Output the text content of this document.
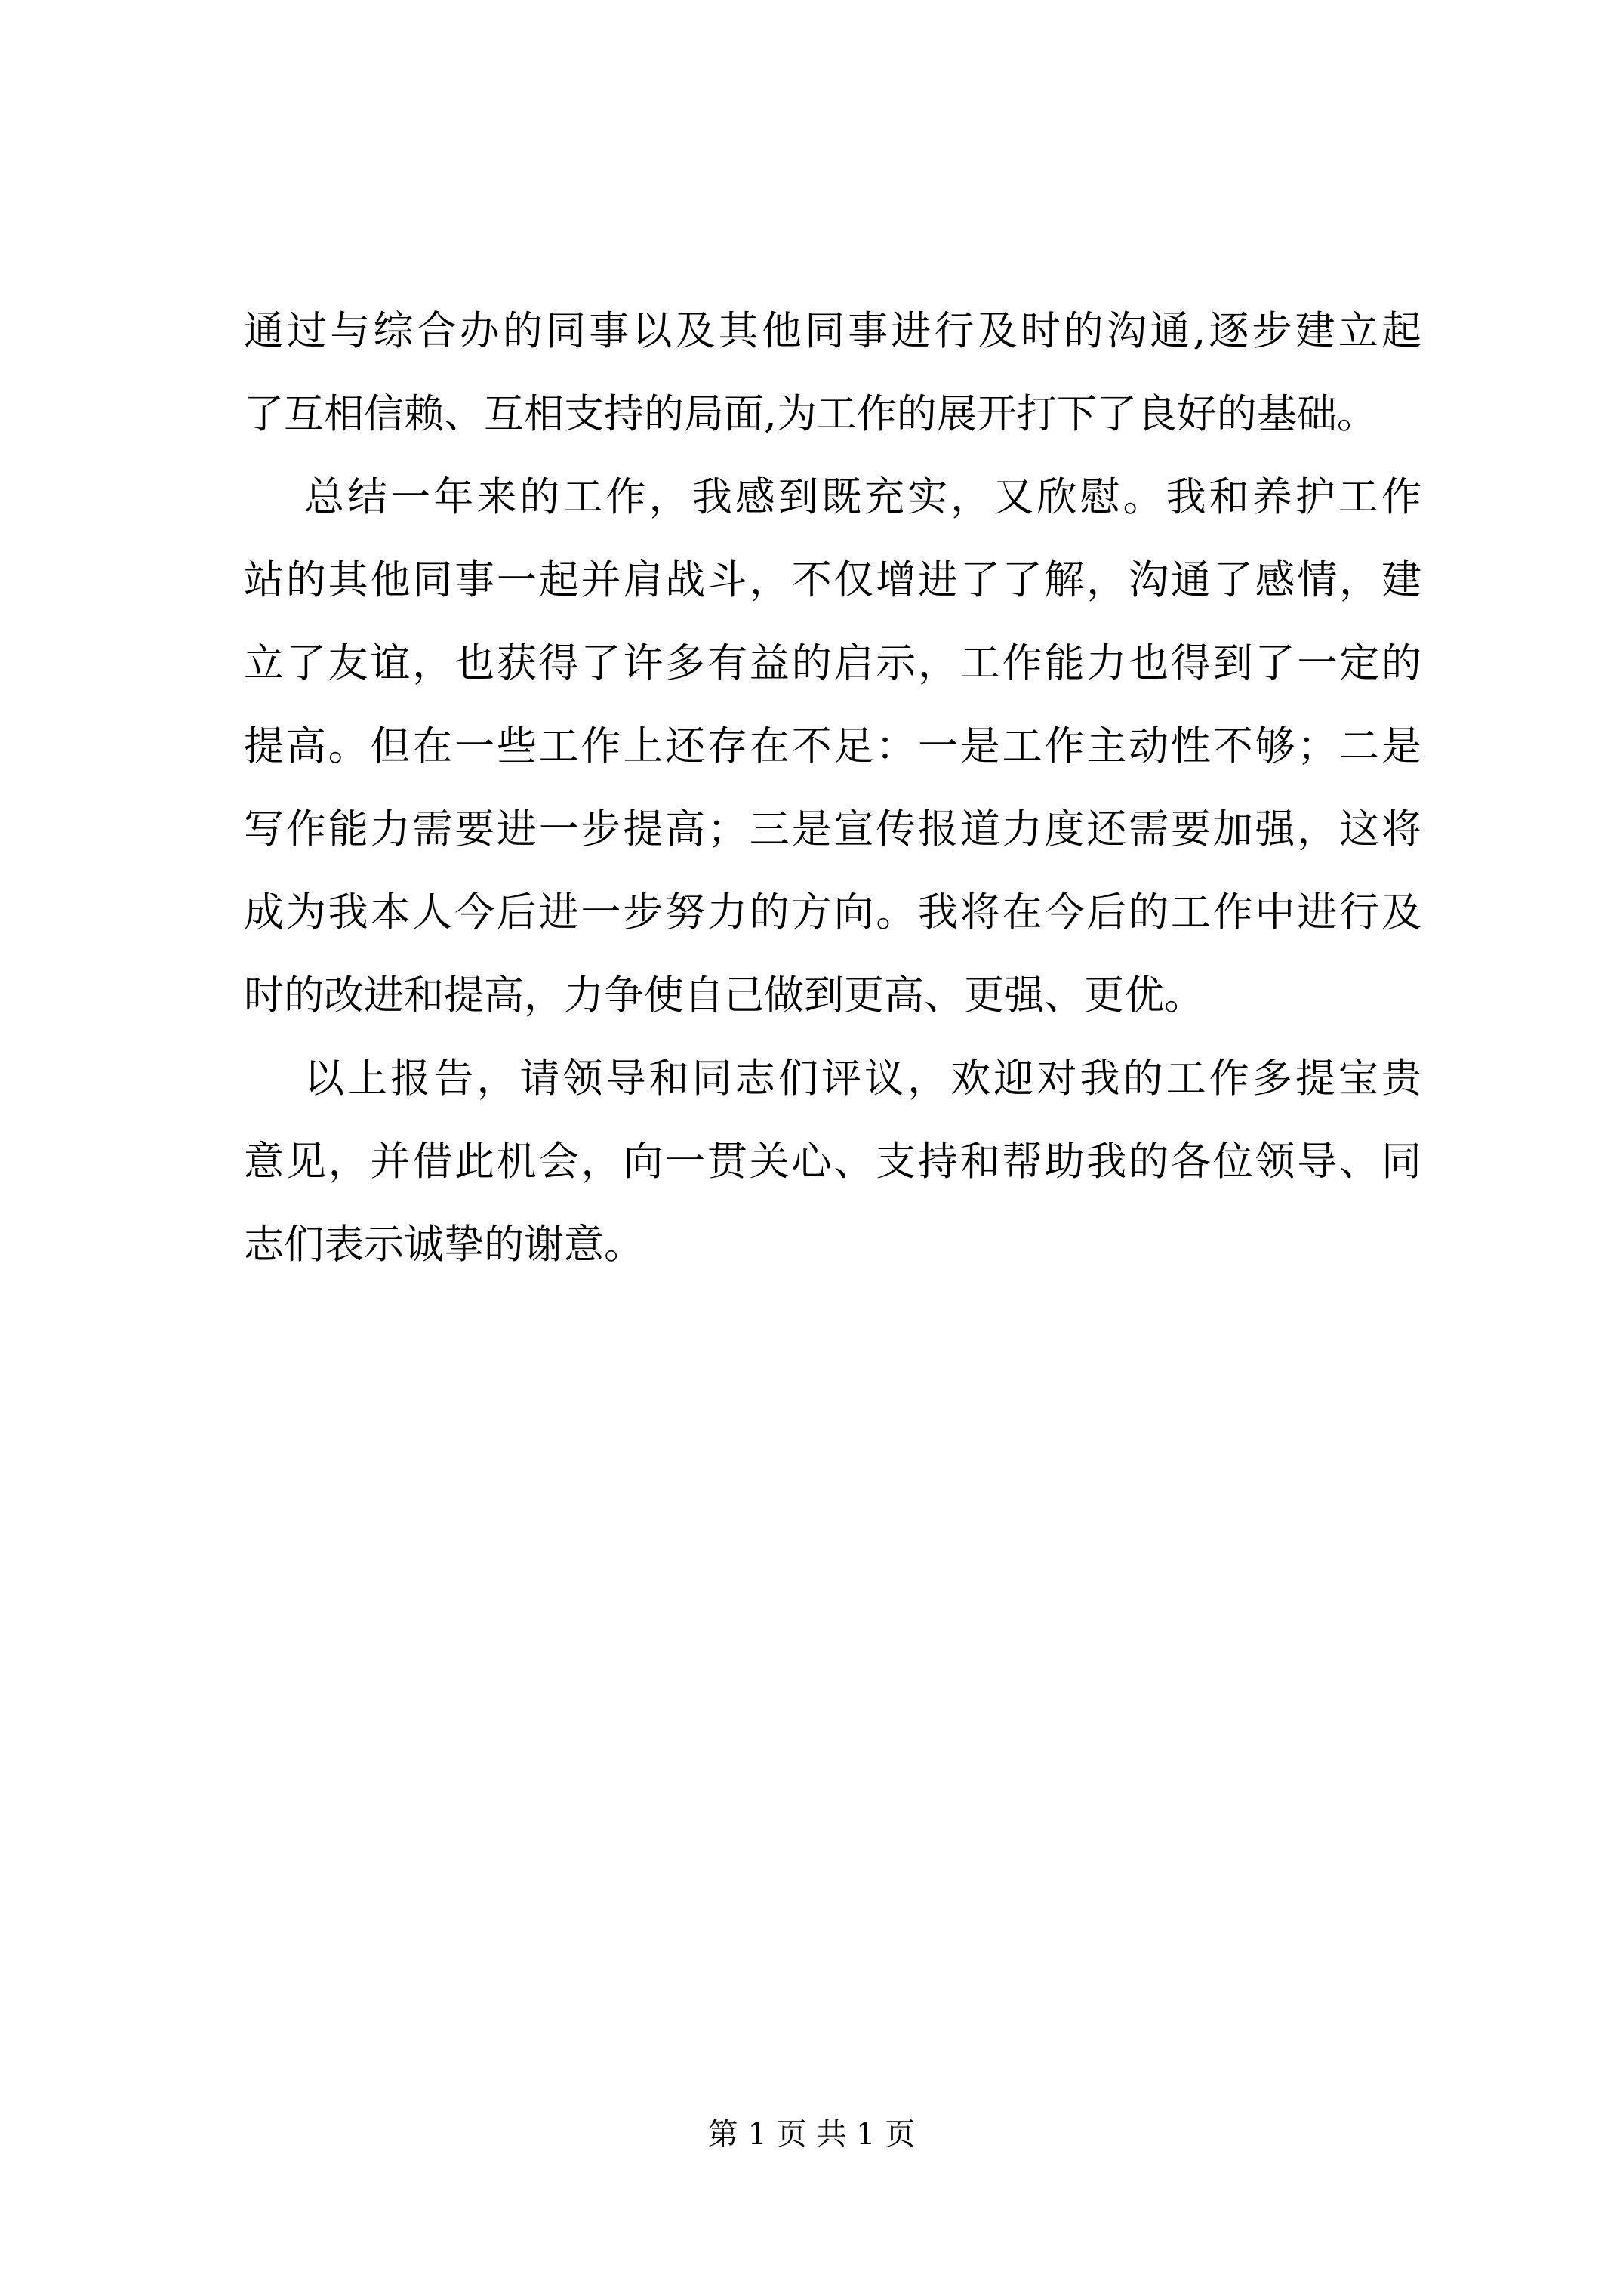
通过与综合办的同事以及其他同事进行及时的沟通,逐步建立起
了互相信赖、互相支持的局面,为工作的展开打下了良好的基础。
总结一年来的工作，我感到既充实，又欣慰。我和养护工作
站的其他同事一起并肩战斗，不仅增进了了解，沟通了感情，建
立了友谊，也获得了许多有益的启示，工作能力也得到了一定的
提高。但在一些工作上还存在不足：一是工作主动性不够；二是
写作能力需要进一步提高；三是宣传报道力度还需要加强，这将
成为我本人今后进一步努力的方向。我将在今后的工作中进行及
时的改进和提高，力争使自己做到更高、更强、更优。
以上报告，请领导和同志们评议，欢迎对我的工作多提宝贵
意见，并借此机会，向一贯关心、支持和帮助我的各位领导、同
志们表示诚挚的谢意。
第 1 页 共 1 页
